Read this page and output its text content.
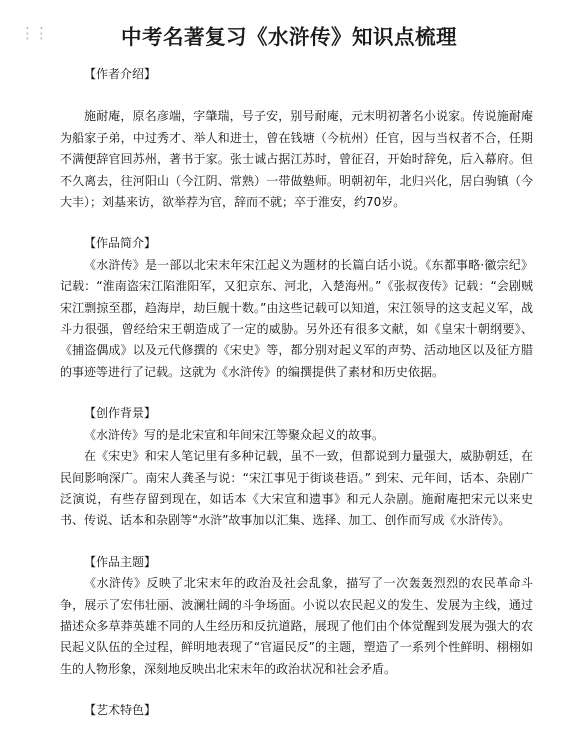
⋮⋮	中考名著复习《水浒传》知识点梳理

【作者介绍】

施耐庵，原名彦端，字肇瑞，号子安，别号耐庵，元末明初著名小说家。传说施耐庵为船家子弟，中过秀才、举人和进士，曾在钱塘（今杭州）任官，因与当权者不合，任期不满便辞官回苏州，著书于家。张士诚占据江苏时，曾征召，开始时辞免，后入幕府。但不久离去，往河阳山（今江阴、常熟）一带做塾师。明朝初年，北归兴化，居白驹镇（今大丰）；刘基来访，欲举荐为官，辞而不就；卒于淮安，约70岁。

【作品简介】

《水浒传》是一部以北宋末年宋江起义为题材的长篇白话小说。《东都事略·徽宗纪》记载：“淮南盗宋江陷淮阳军，又犯京东、河北，入楚海州。”《张叔夜传》记载：“会剧贼宋江剽掠至郡，趋海岸，劫巨舰十数。”由这些记载可以知道，宋江领导的这支起义军，战斗力很强，曾经给宋王朝造成了一定的威胁。另外还有很多文献，如《皇宋十朝纲要》、《捕盗偶成》以及元代修撰的《宋史》等，都分别对起义军的声势、活动地区以及征方腊的事迹等进行了记载。这就为《水浒传》的编撰提供了素材和历史依据。

【创作背景】

《水浒传》写的是北宋宣和年间宋江等聚众起义的故事。

在《宋史》和宋人笔记里有多种记载，虽不一致，但都说到力量强大，威胁朝廷，在民间影响深广。南宋人龚圣与说：“宋江事见于街谈巷语。” 到宋、元年间，话本、杂剧广泛演说，有些存留到现在，如话本《大宋宣和遗事》和元人杂剧。施耐庵把宋元以来史书、传说、话本和杂剧等“水浒”故事加以汇集、选择、加工、创作而写成《水浒传》。

【作品主题】

《水浒传》反映了北宋末年的政治及社会乱象，描写了一次轰轰烈烈的农民革命斗争，展示了宏伟壮丽、波澜壮阔的斗争场面。小说以农民起义的发生、发展为主线，通过描述众多草莽英雄不同的人生经历和反抗道路，展现了他们由个体觉醒到发展为强大的农民起义队伍的全过程，鲜明地表现了“官逼民反”的主题，塑造了一系列个性鲜明、栩栩如生的人物形象，深刻地反映出北宋末年的政治状况和社会矛盾。

【艺术特色】
